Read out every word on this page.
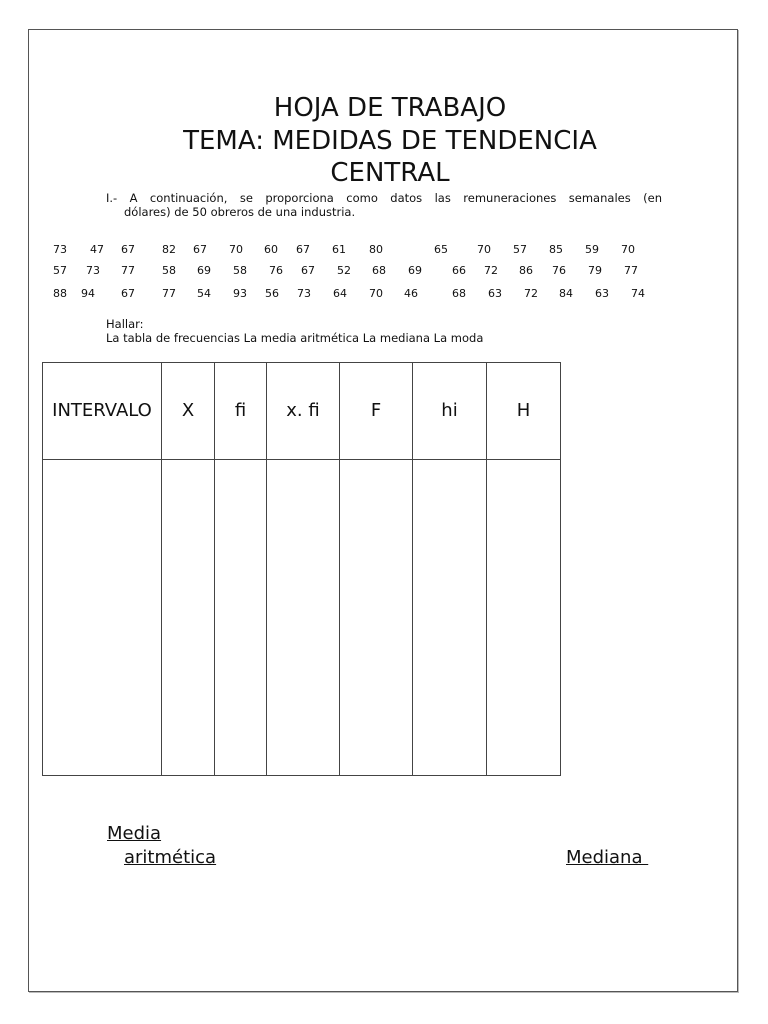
HOJA DE TRABAJO
TEMA: MEDIDAS DE TENDENCIA
CENTRAL

I.- A continuación, se proporciona como datos las remuneraciones semanales (en
dólares) de 50 obreros de una industria.

73 47 67 82 67 70 60 67 61 80	65	70 57 85 59 70
57 73 77 58 69 58 76 67 52 68 69	66 72 86 76 79 77
88 94 67 77 54 93 56 73 64 70 46	68 63 72 84 63 74
Hallar:
La tabla de frecuencias La media aritmética La mediana La moda
INTERVALO	X	fi	x. fi	F	hi	H

Media
aritmética	Mediana
